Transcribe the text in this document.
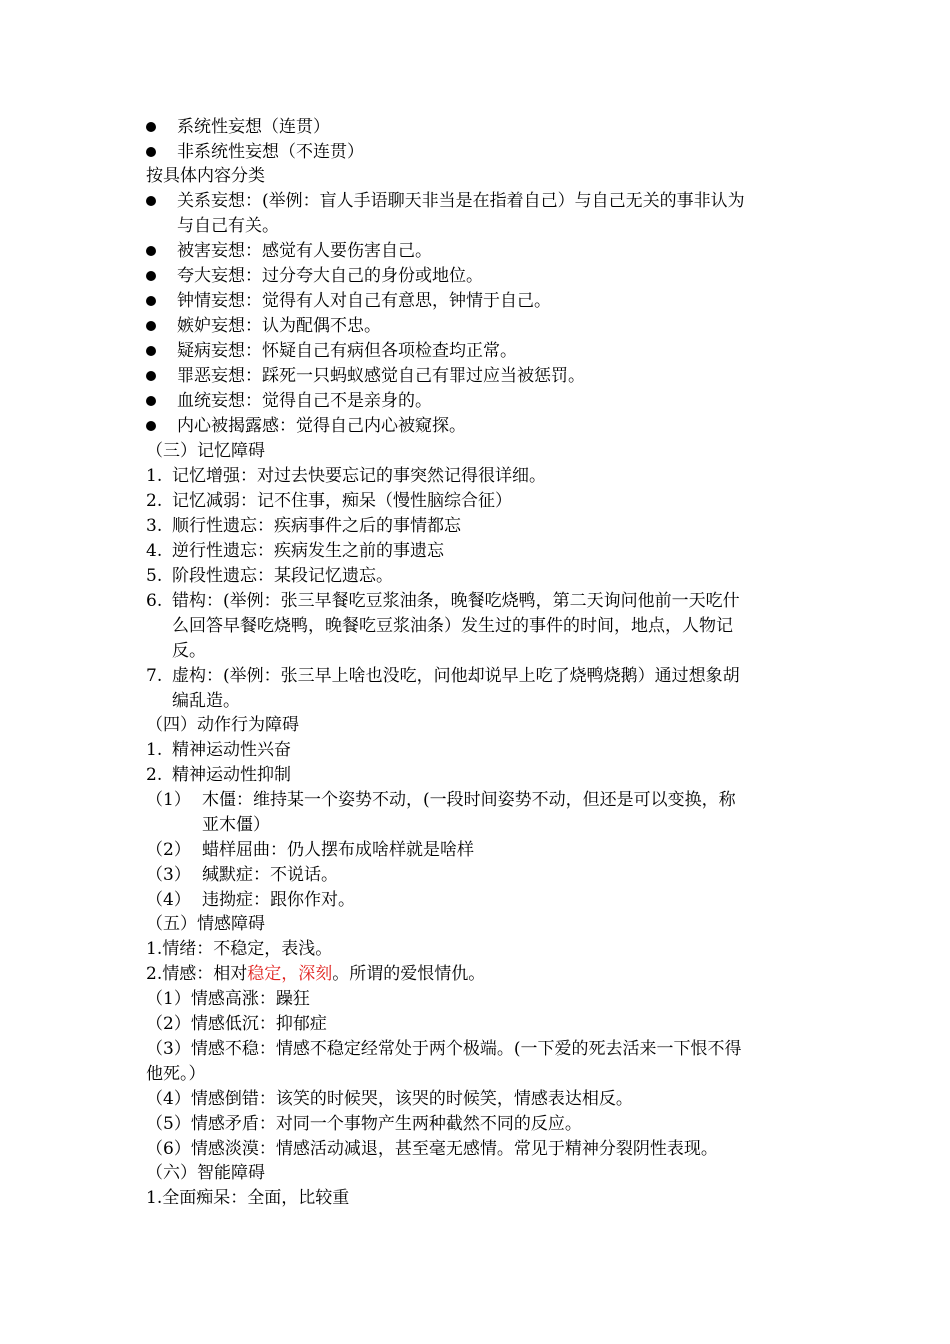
系统性妄想（连贯）
非系统性妄想（不连贯）
按具体内容分类
关系妄想：(举例：盲人手语聊天非当是在指着自己）与自己无关的事非认为
与自己有关。
被害妄想：感觉有人要伤害自己。
夸大妄想：过分夸大自己的身份或地位。
钟情妄想：觉得有人对自己有意思，钟情于自己。
嫉妒妄想：认为配偶不忠。
疑病妄想：怀疑自己有病但各项检查均正常。
罪恶妄想：踩死一只蚂蚁感觉自己有罪过应当被惩罚。
血统妄想：觉得自己不是亲身的。
内心被揭露感：觉得自己内心被窥探。
（三）记忆障碍
1. 记忆增强：对过去快要忘记的事突然记得很详细。
2. 记忆减弱：记不住事，痴呆（慢性脑综合征）
3. 顺行性遗忘：疾病事件之后的事情都忘
4. 逆行性遗忘：疾病发生之前的事遗忘
5. 阶段性遗忘：某段记忆遗忘。
6. 错构：(举例：张三早餐吃豆浆油条，晚餐吃烧鸭，第二天询问他前一天吃什
么回答早餐吃烧鸭，晚餐吃豆浆油条）发生过的事件的时间，地点，人物记
反。
7. 虚构：(举例：张三早上啥也没吃，问他却说早上吃了烧鸭烧鹅）通过想象胡
编乱造。
（四）动作行为障碍
1. 精神运动性兴奋
2. 精神运动性抑制
（1） 木僵：维持某一个姿势不动，(一段时间姿势不动，但还是可以变换，称
亚木僵）
（2） 蜡样屈曲：仍人摆布成啥样就是啥样
（3） 缄默症：不说话。
（4） 违拗症：跟你作对。
（五）情感障碍
1.情绪：不稳定，表浅。
2.情感：相对稳定，深刻。所谓的爱恨情仇。
（1）情感高涨：躁狂
（2）情感低沉：抑郁症
（3）情感不稳：情感不稳定经常处于两个极端。(一下爱的死去活来一下恨不得
他死。）
（4）情感倒错：该笑的时候哭，该哭的时候笑，情感表达相反。
（5）情感矛盾：对同一个事物产生两种截然不同的反应。
（6）情感淡漠：情感活动减退，甚至毫无感情。常见于精神分裂阴性表现。
（六）智能障碍
1.全面痴呆：全面，比较重
